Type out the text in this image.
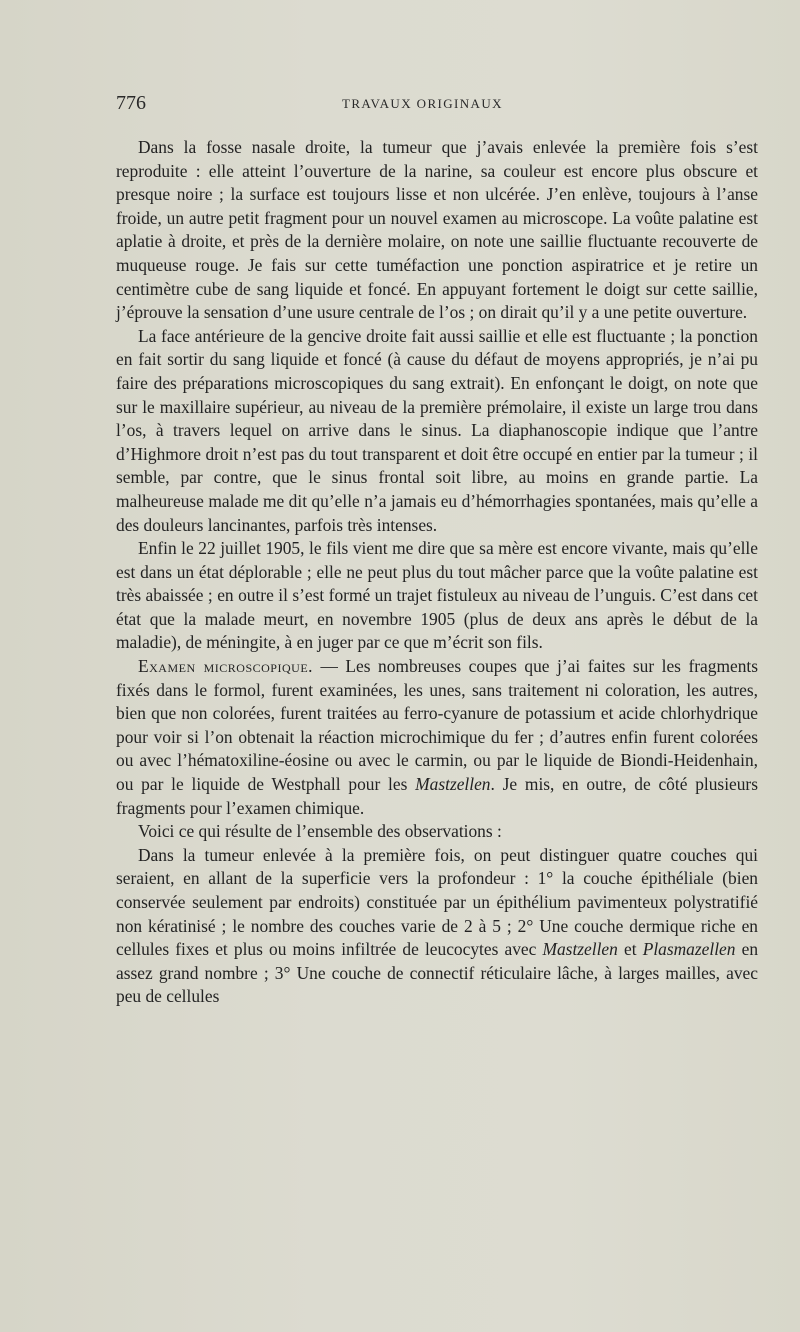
776	TRAVAUX ORIGINAUX

Dans la fosse nasale droite, la tumeur que j’avais enlevée la première fois s’est reproduite : elle atteint l’ouverture de la narine, sa couleur est encore plus obscure et presque noire ; la surface est toujours lisse et non ulcérée. J’en enlève, toujours à l’anse froide, un autre petit fragment pour un nouvel examen au microscope. La voûte palatine est aplatie à droite, et près de la dernière molaire, on note une saillie fluctuante recouverte de muqueuse rouge. Je fais sur cette tuméfaction une ponction aspiratrice et je retire un centimètre cube de sang liquide et foncé. En appuyant fortement le doigt sur cette saillie, j’éprouve la sensation d’une usure centrale de l’os ; on dirait qu’il y a une petite ouverture.

La face antérieure de la gencive droite fait aussi saillie et elle est fluctuante ; la ponction en fait sortir du sang liquide et foncé (à cause du défaut de moyens appropriés, je n’ai pu faire des préparations microscopiques du sang extrait). En enfonçant le doigt, on note que sur le maxillaire supérieur, au niveau de la première prémolaire, il existe un large trou dans l’os, à travers lequel on arrive dans le sinus. La diaphanoscopie indique que l’antre d’Highmore droit n’est pas du tout transparent et doit être occupé en entier par la tumeur ; il semble, par contre, que le sinus frontal soit libre, au moins en grande partie. La malheureuse malade me dit qu’elle n’a jamais eu d’hémorrhagies spontanées, mais qu’elle a des douleurs lancinantes, parfois très intenses.

Enfin le 22 juillet 1905, le fils vient me dire que sa mère est encore vivante, mais qu’elle est dans un état déplorable ; elle ne peut plus du tout mâcher parce que la voûte palatine est très abaissée ; en outre il s’est formé un trajet fistuleux au niveau de l’unguis. C’est dans cet état que la malade meurt, en novembre 1905 (plus de deux ans après le début de la maladie), de méningite, à en juger par ce que m’écrit son fils.

Examen microscopique. — Les nombreuses coupes que j’ai faites sur les fragments fixés dans le formol, furent examinées, les unes, sans traitement ni coloration, les autres, bien que non colorées, furent traitées au ferro-cyanure de potassium et acide chlorhydrique pour voir si l’on obtenait la réaction microchimique du fer ; d’autres enfin furent colorées ou avec l’hématoxiline-éosine ou avec le carmin, ou par le liquide de Biondi-Heidenhain, ou par le liquide de Westphall pour les Mastzellen. Je mis, en outre, de côté plusieurs fragments pour l’examen chimique.

Voici ce qui résulte de l’ensemble des observations :

Dans la tumeur enlevée à la première fois, on peut distinguer quatre couches qui seraient, en allant de la superficie vers la profondeur : 1° la couche épithéliale (bien conservée seulement par endroits) constituée par un épithélium pavimenteux polystratifié non kératinisé ; le nombre des couches varie de 2 à 5 ; 2° Une couche dermique riche en cellules fixes et plus ou moins infiltrée de leucocytes avec Mastzellen et Plasmazellen en assez grand nombre ; 3° Une couche de connectif réticulaire lâche, à larges mailles, avec peu de cellules
